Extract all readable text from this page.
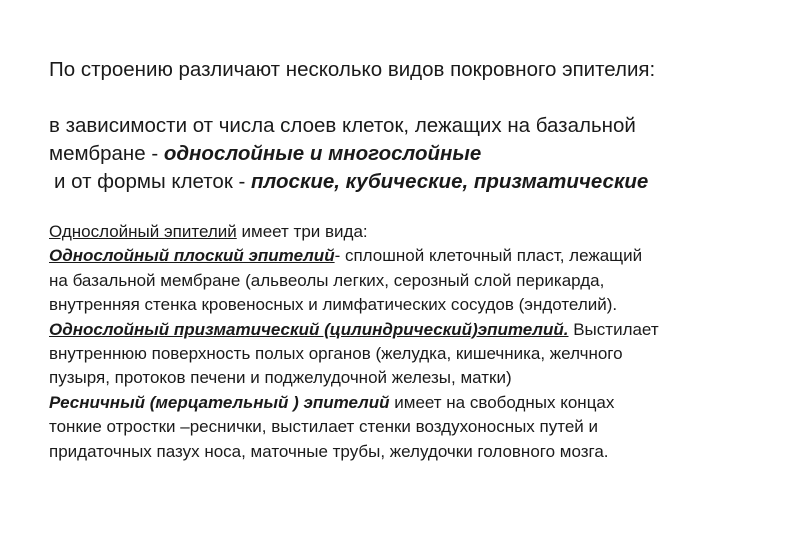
По строению различают несколько видов покровного эпителия:

в зависимости от числа слоев клеток, лежащих на базальной

мембране - однослойные и многослойные

и от формы клеток - плоские, кубические, призматические

Однослойный эпителий имеет три вида:

Однослойный плоский эпителий- сплошной клеточный пласт, лежащий

на базальной мембране (альвеолы легких, серозный слой перикарда,

внутренняя стенка кровеносных и лимфатических сосудов (эндотелий).

Однослойный призматический (цилиндрический)эпителий. Выстилает

внутреннюю поверхность полых органов (желудка, кишечника, желчного

пузыря, протоков печени и поджелудочной железы, матки)

Ресничный (мерцательный ) эпителий имеет на свободных концах

тонкие отростки –реснички, выстилает стенки воздухоносных путей и

придаточных пазух носа, маточные трубы, желудочки головного мозга.
